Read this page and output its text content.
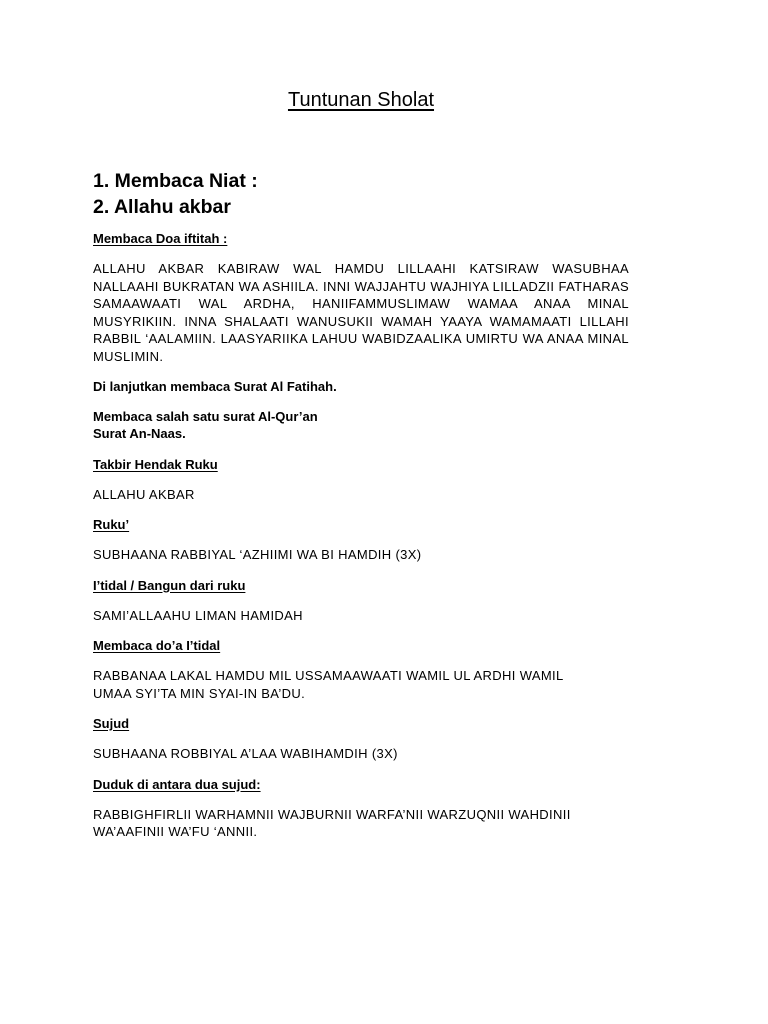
Tuntunan Sholat

1. Membaca Niat :

2. Allahu akbar

Membaca Doa iftitah :

ALLAHU AKBAR KABIRAW WAL HAMDU LILLAAHI KATSIRAW WASUBHAA NALLAAHI BUKRATAN WA ASHIILA. INNI WAJJAHTU WAJHIYA LILLADZII FATHARAS SAMAAWAATI WAL ARDHA, HANIIFAMMUSLIMAW WAMAA ANAA MINAL MUSYRIKIIN. INNA SHALAATI WANUSUKII WAMAH YAAYA WAMAMAATI LILLAHI RABBIL ‘AALAMIIN. LAASYARIIKA LAHUU WABIDZAALIKA UMIRTU WA ANAA MINAL MUSLIMIN.

Di lanjutkan membaca Surat Al Fatihah.

Membaca salah satu surat Al-Qur’an
Surat An-Naas.

Takbir Hendak Ruku

ALLAHU AKBAR

Ruku’

SUBHAANA RABBIYAL ‘AZHIIMI WA BI HAMDIH (3X)

I’tidal / Bangun dari ruku

SAMI’ALLAAHU LIMAN HAMIDAH

Membaca do’a I’tidal

RABBANAA LAKAL HAMDU MIL USSAMAAWAATI WAMIL UL ARDHI WAMIL
UMAA SYI’TA MIN SYAI-IN BA’DU.

Sujud

SUBHAANA ROBBIYAL A’LAA WABIHAMDIH (3X)

Duduk di antara dua sujud:

RABBIGHFIRLII WARHAMNII WAJBURNII WARFA’NII WARZUQNII WAHDINII
WA’AAFINII WA’FU ‘ANNII.
